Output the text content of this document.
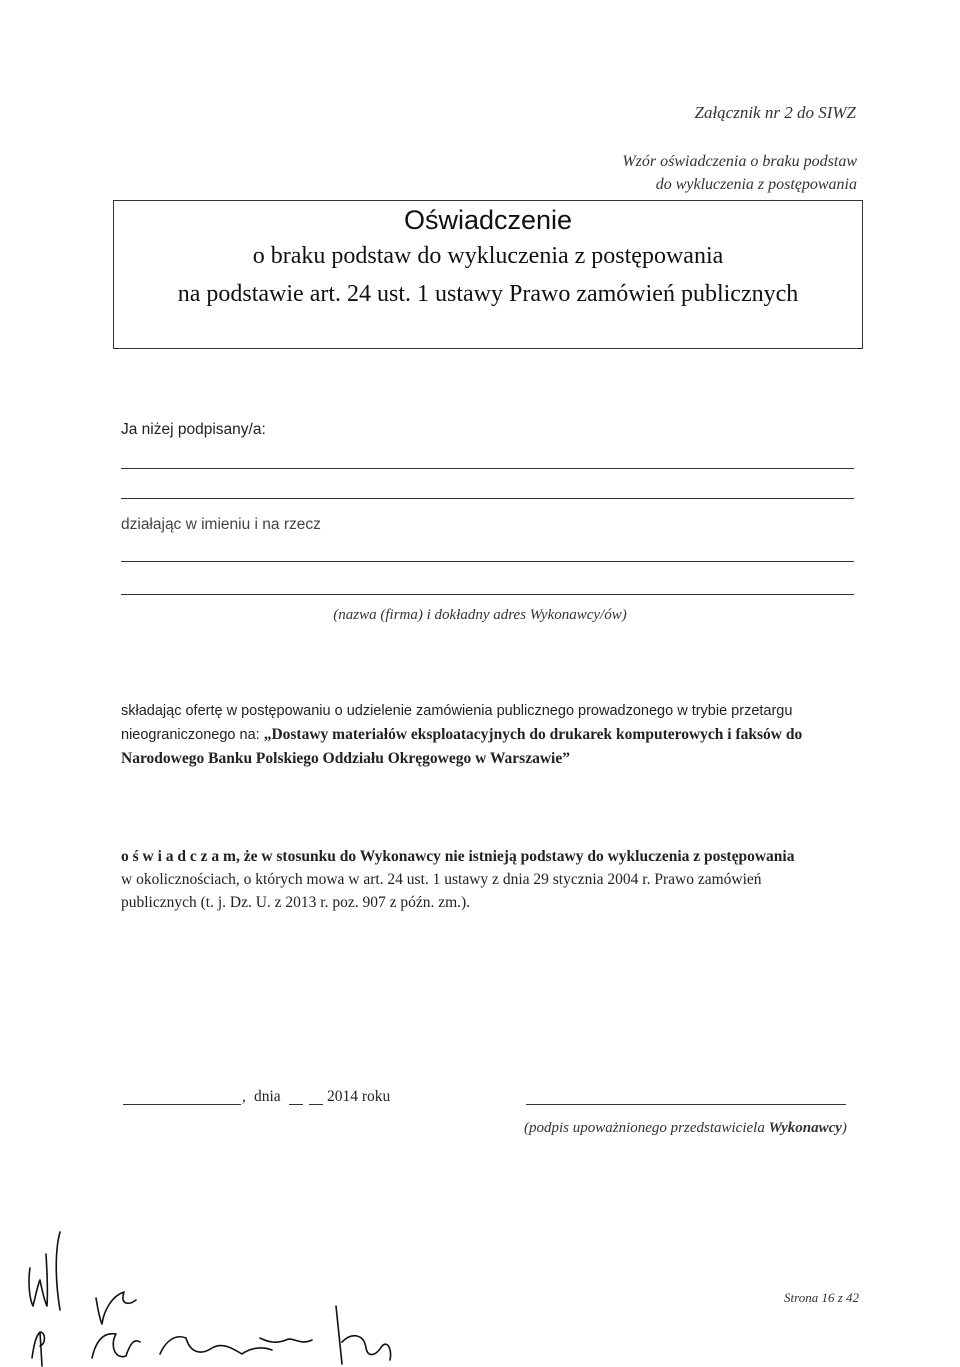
Załącznik nr 2 do SIWZ
Wzór oświadczenia o braku podstaw
do wykluczenia z postępowania
Oświadczenie
o braku podstaw do wykluczenia z postępowania
na podstawie art. 24 ust. 1 ustawy Prawo zamówień publicznych
Ja niżej podpisany/a:
działając w imieniu i na rzecz
(nazwa (firma) i dokładny adres Wykonawcy/ów)
składając ofertę w postępowaniu o udzielenie zamówienia publicznego prowadzonego w trybie przetargu
nieograniczonego na: „Dostawy materiałów eksploatacyjnych do drukarek komputerowych i faksów do
Narodowego Banku Polskiego Oddziału Okręgowego w Warszawie”
o ś w i a d c z a m, że w stosunku do Wykonawcy nie istnieją podstawy do wykluczenia z postępowania
w okolicznościach, o których mowa w art. 24 ust. 1 ustawy z dnia 29 stycznia 2004 r. Prawo zamówień
publicznych (t. j. Dz. U. z 2013 r. poz. 907 z późn. zm.).
, dnia	2014 roku
(podpis upoważnionego przedstawiciela Wykonawcy)
Strona 16 z 42
